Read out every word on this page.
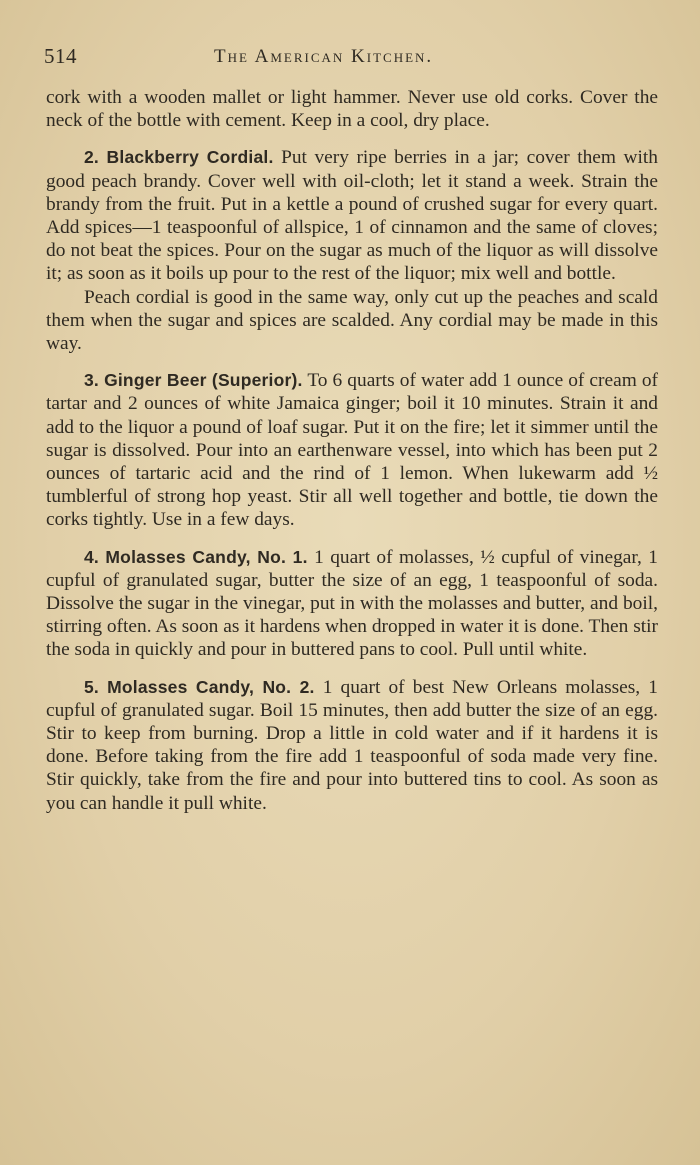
514	The American Kitchen.

cork with a wooden mallet or light hammer. Never use old corks. Cover the neck of the bottle with cement. Keep in a cool, dry place.

2. Blackberry Cordial. Put very ripe berries in a jar; cover them with good peach brandy. Cover well with oil-cloth; let it stand a week. Strain the brandy from the fruit. Put in a kettle a pound of crushed sugar for every quart. Add spices—1 teaspoonful of allspice, 1 of cinnamon and the same of cloves; do not beat the spices. Pour on the sugar as much of the liquor as will dissolve it; as soon as it boils up pour to the rest of the liquor; mix well and bottle.

Peach cordial is good in the same way, only cut up the peaches and scald them when the sugar and spices are scalded. Any cordial may be made in this way.

3. Ginger Beer (Superior). To 6 quarts of water add 1 ounce of cream of tartar and 2 ounces of white Jamaica ginger; boil it 10 minutes. Strain it and add to the liquor a pound of loaf sugar. Put it on the fire; let it simmer until the sugar is dissolved. Pour into an earthenware vessel, into which has been put 2 ounces of tartaric acid and the rind of 1 lemon. When lukewarm add ½ tumblerful of strong hop yeast. Stir all well together and bottle, tie down the corks tightly. Use in a few days.

4. Molasses Candy, No. 1. 1 quart of molasses, ½ cupful of vinegar, 1 cupful of granulated sugar, butter the size of an egg, 1 teaspoonful of soda. Dissolve the sugar in the vinegar, put in with the molasses and butter, and boil, stirring often. As soon as it hardens when dropped in water it is done. Then stir the soda in quickly and pour in buttered pans to cool. Pull until white.

5. Molasses Candy, No. 2. 1 quart of best New Orleans molasses, 1 cupful of granulated sugar. Boil 15 minutes, then add butter the size of an egg. Stir to keep from burning. Drop a little in cold water and if it hardens it is done. Before taking from the fire add 1 teaspoonful of soda made very fine. Stir quickly, take from the fire and pour into buttered tins to cool. As soon as you can handle it pull white.
